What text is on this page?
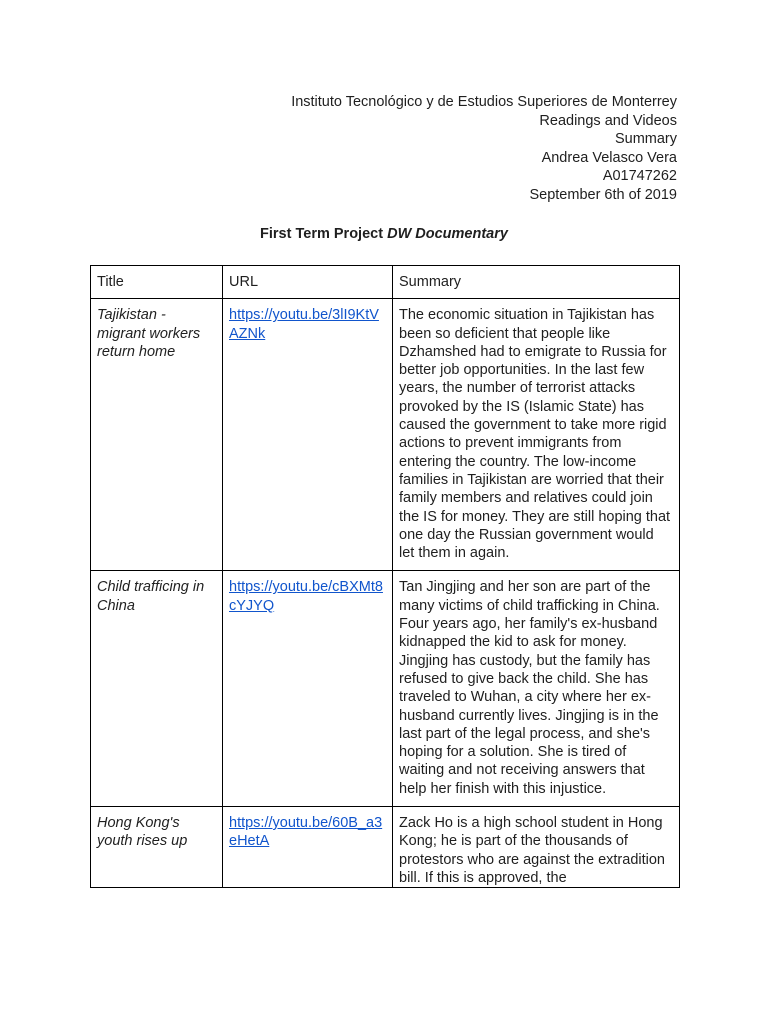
Instituto Tecnológico y de Estudios Superiores de Monterrey
Readings and Videos
Summary
Andrea Velasco Vera
A01747262
September 6th of 2019
First Term Project DW Documentary
Title	URL	Summary
Tajikistan - migrant workers return home	https://youtu.be/3lI9KtVAZNk	The economic situation in Tajikistan has been so deficient that people like Dzhamshed had to emigrate to Russia for better job opportunities. In the last few years, the number of terrorist attacks provoked by the IS (Islamic State) has caused the government to take more rigid actions to prevent immigrants from entering the country. The low-income families in Tajikistan are worried that their family members and relatives could join the IS for money. They are still hoping that one day the Russian government would let them in again.
Child trafficing in China	https://youtu.be/cBXMt8cYJYQ	Tan Jingjing and her son are part of the many victims of child trafficking in China. Four years ago, her family's ex-husband kidnapped the kid to ask for money. Jingjing has custody, but the family has refused to give back the child. She has traveled to Wuhan, a city where her ex-husband currently lives. Jingjing is in the last part of the legal process, and she's hoping for a solution. She is tired of waiting and not receiving answers that help her finish with this injustice.
Hong Kong's youth rises up	https://youtu.be/60B_a3eHetA	Zack Ho is a high school student in Hong Kong; he is part of the thousands of protestors who are against the extradition bill. If this is approved, the
